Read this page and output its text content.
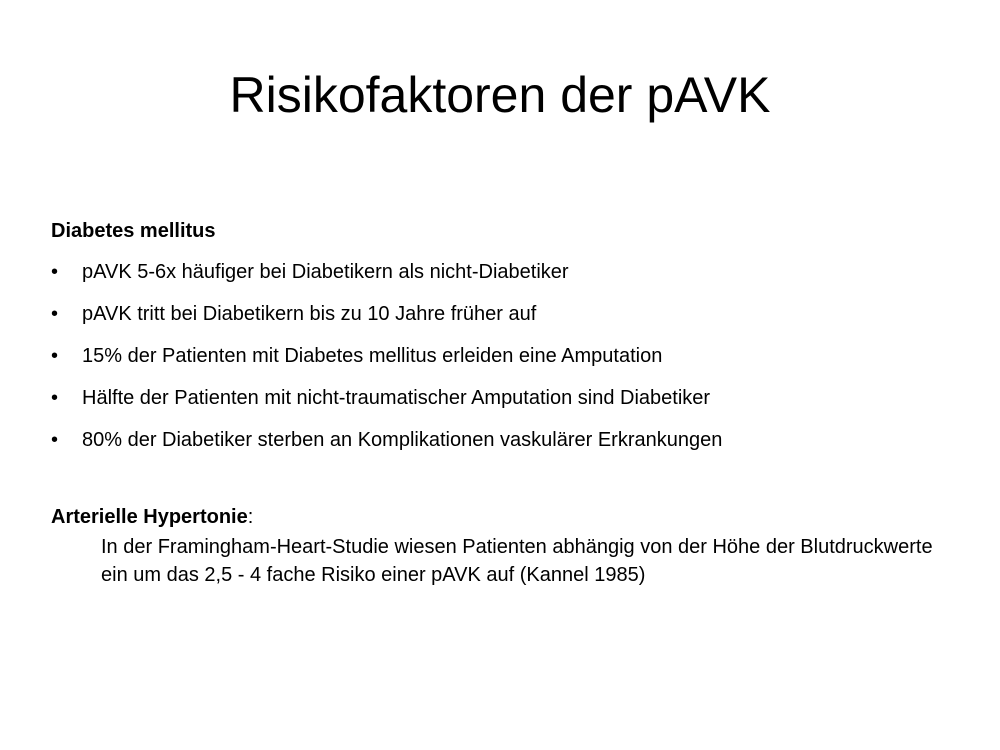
Risikofaktoren der pAVK

Diabetes mellitus

•	pAVK 5-6x häufiger bei Diabetikern als nicht-Diabetiker
•	pAVK tritt bei Diabetikern bis zu 10 Jahre früher auf
•	15% der Patienten mit Diabetes mellitus erleiden eine Amputation
•	Hälfte der Patienten mit nicht-traumatischer Amputation sind Diabetiker
•	80% der Diabetiker sterben an Komplikationen vaskulärer Erkrankungen

Arterielle Hypertonie:

In der Framingham-Heart-Studie wiesen Patienten abhängig von der Höhe der Blutdruckwerte ein um das 2,5 - 4 fache Risiko einer pAVK auf (Kannel 1985)
